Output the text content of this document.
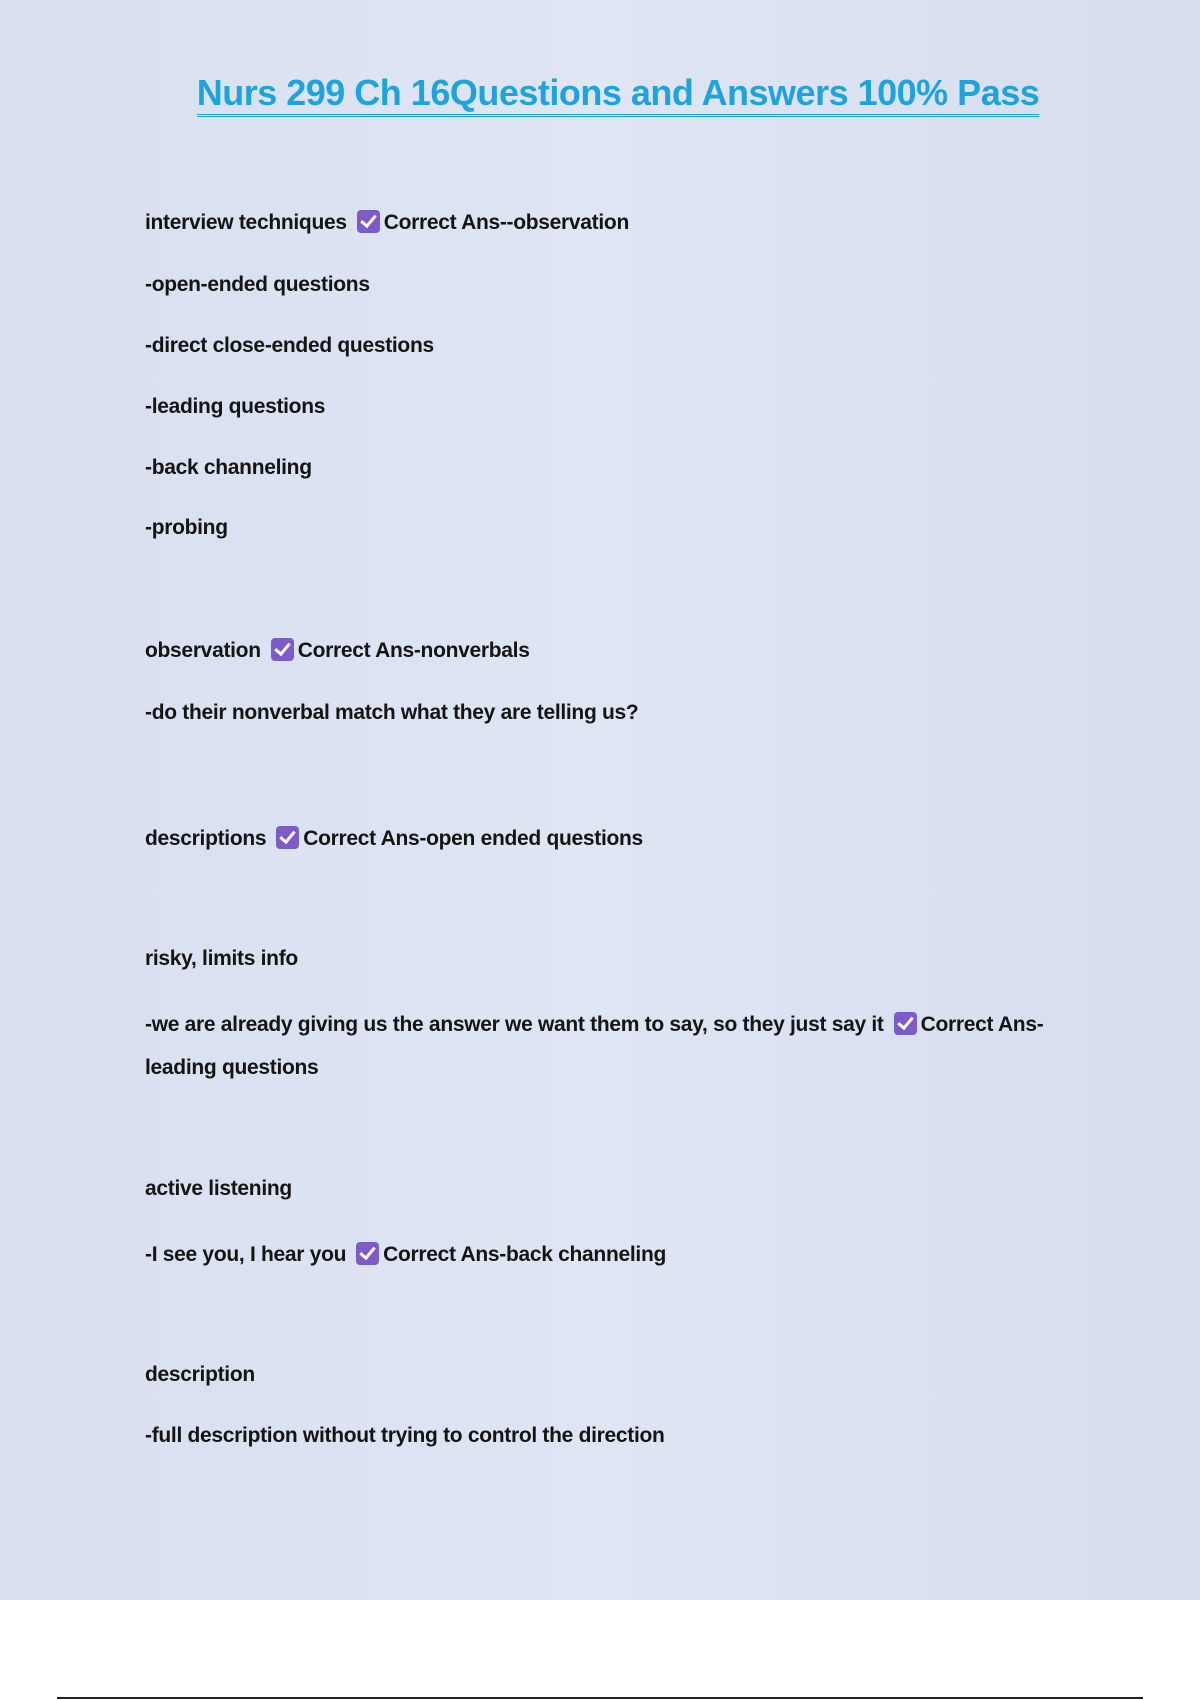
Nurs 299 Ch 16Questions and Answers 100% Pass
interview techniques Correct Ans--observation
-open-ended questions
-direct close-ended questions
-leading questions
-back channeling
-probing
observation Correct Ans-nonverbals
-do their nonverbal match what they are telling us?
descriptions Correct Ans-open ended questions
risky, limits info
-we are already giving us the answer we want them to say, so they just say it Correct Ans-
leading questions
active listening
-I see you, I hear you Correct Ans-back channeling
description
-full description without trying to control the direction
